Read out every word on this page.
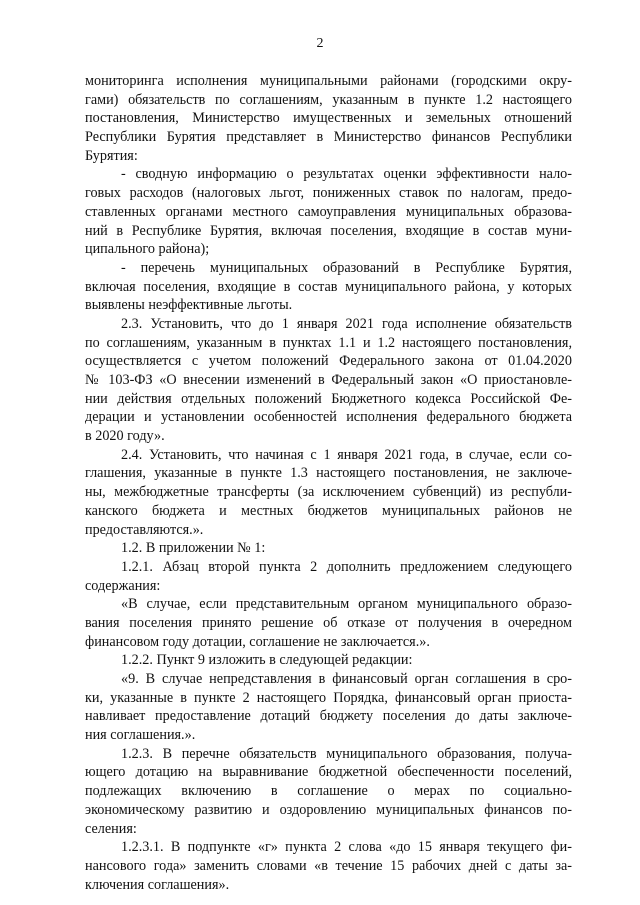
2
мониторинга исполнения муниципальными районами (городскими окру-
гами) обязательств по соглашениям, указанным в пункте 1.2 настоящего
постановления, Министерство имущественных и земельных отношений
Республики Бурятия представляет в Министерство финансов Республики
Бурятия:
- сводную информацию о результатах оценки эффективности нало-
говых расходов (налоговых льгот, пониженных ставок по налогам, предо-
ставленных органами местного самоуправления муниципальных образова-
ний в Республике Бурятия, включая поселения, входящие в состав муни-
ципального района);
- перечень муниципальных образований в Республике Бурятия,
включая поселения, входящие в состав муниципального района, у которых
выявлены неэффективные льготы.
2.3. Установить, что до 1 января 2021 года исполнение обязательств
по соглашениям, указанным в пунктах 1.1 и 1.2 настоящего постановления,
осуществляется с учетом положений Федерального закона от 01.04.2020
№ 103-ФЗ «О внесении изменений в Федеральный закон «О приостановле-
нии действия отдельных положений Бюджетного кодекса Российской Фе-
дерации и установлении особенностей исполнения федерального бюджета
в 2020 году».
2.4. Установить, что начиная с 1 января 2021 года, в случае, если со-
глашения, указанные в пункте 1.3 настоящего постановления, не заключе-
ны, межбюджетные трансферты (за исключением субвенций) из республи-
канского бюджета и местных бюджетов муниципальных районов не
предоставляются.».
1.2. В приложении № 1:
1.2.1. Абзац второй пункта 2 дополнить предложением следующего
содержания:
«В случае, если представительным органом муниципального образо-
вания поселения принято решение об отказе от получения в очередном
финансовом году дотации, соглашение не заключается.».
1.2.2. Пункт 9 изложить в следующей редакции:
«9. В случае непредставления в финансовый орган соглашения в сро-
ки, указанные в пункте 2 настоящего Порядка, финансовый орган приоста-
навливает предоставление дотаций бюджету поселения до даты заключе-
ния соглашения.».
1.2.3. В перечне обязательств муниципального образования, получа-
ющего дотацию на выравнивание бюджетной обеспеченности поселений,
подлежащих включению в соглашение о мерах по социально-
экономическому развитию и оздоровлению муниципальных финансов по-
селения:
1.2.3.1. В подпункте «г» пункта 2 слова «до 15 января текущего фи-
нансового года» заменить словами «в течение 15 рабочих дней с даты за-
ключения соглашения».
